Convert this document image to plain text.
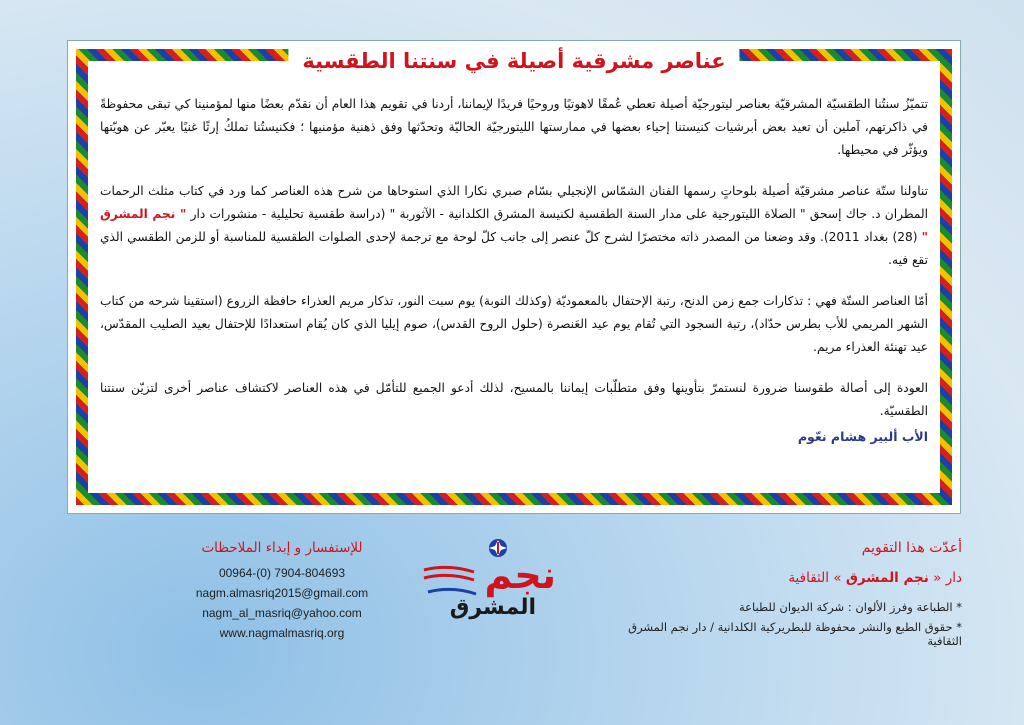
عناصر مشرقية أصيلة في سنتنا الطقسية

تتميّزُ سنتُنا الطقسيّة المشرقيّة بعناصر ليتورجيّة أصيلة تعطي عُمقًا لاهوتيًا وروحيًا فريدًا لإيماننا، أردنا في تقويم هذا العام أن نقدّم بعضًا منها لمؤمنينا كي تبقى محفوظةً في ذاكرتهم، آملين أن تعيد بعض أبرشيات كنيستنا إحياء بعضها في ممارستها الليتورجيّة الحاليّة وتحدّثها وفق ذهنية مؤمنيها ؛ فكنيستُنا تملكُ إرثًا غنيًا يعبّر عن هويّتها ويؤثّر في محيطها.

تناولنا ستّة عناصر مشرقيّة أصيلة بلوحاتٍ رسمها الفنان الشمّاس الإنجيلي بسّام صبري نكارا الذي استوحاها من شرح هذه العناصر كما ورد في كتاب مثلث الرحمات المطران د. جاك إسحق " الصلاة الليتورجية على مدار السنة الطقسية لكنيسة المشرق الكلدانية - الآثوربة " (دراسة طقسية تحليلية - منشورات دار " نجم المشرق " (28) بغداد 2011). وقد وضعنا من المصدر ذاته مختصرًا لشرح كلّ عنصر إلى جانب كلّ لوحة مع ترجمة لإحدى الصلوات الطقسية للمناسبة أو للزمن الطقسي الذي تقع فيه.

أمّا العناصر الستّة فهي : تذكارات جمع زمن الدنح، رتبة الإحتفال بالمعموديّة (وكذلك التوبة) يوم سبت النور، تذكار مريم العذراء حافظة الزروع (استقينا شرحه من كتاب الشهر المريمي للأب بطرس حدّاد)، رتبة السجود التي تُقام يوم عيد العَنصرة (حلول الروح القدس)، صوم إيليا الذي كان يُقام استعدادًا للإحتفال بعيد الصليب المقدّس، عيد تهنئة العذراء مريم.

العودة إلى أصالة طقوسنا ضرورة لنستمرّ بتأوينها وفق متطلّبات إيماننا بالمسيح، لذلك أدعو الجميع للتأمّل في هذه العناصر لاكتشاف عناصر أخرى لتزيّن سنتنا الطقسيّة.

الأب ألبير هشام نعّوم

أعدّت هذا التقويم

دار « نجم المشرق » الثقافية

* الطباعة وفرز الألوان : شركة الديوان للطباعة

* حقوق الطبع والنشر محفوظة للبطريركية الكلدانية / دار نجم المشرق الثقافية

نجم
المشرق

للإستفسار و إبداء الملاحظات

00964-(0) 7904-804693

nagm.almasriq2015@gmail.com

nagm_al_masriq@yahoo.com

www.nagmalmasriq.org
